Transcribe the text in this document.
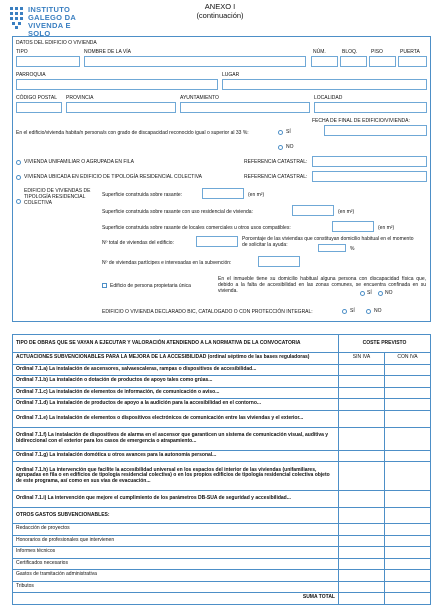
INSTITUTO
GALEGO DA
VIVENDA E SOLO
ANEXO I
(continuación)
DATOS DEL EDIFICIO O VIVIENDA
TIPO	NOMBRE DE LA VÍA	NÚM.	BLOQ.	PISO	PUERTA
PARROQUIA	LUGAR
CÓDIGO POSTAL PROVINCIA	AYUNTAMIENTO	LOCALIDAD
FECHA DE FINAL DE EDIFICIO/VIVIENDA:
En el edificio/vivienda habita/n persona/s con grado de discapacidad reconocido igual o superior al 33 %:	SÍ
NO
VIVIENDA UNIFAMILIAR O AGRUPADA EN FILA	REFERENCIA CATASTRAL:
VIVIENDA UBICADA EN EDIFICIO DE TIPOLOGÍA RESIDENCIAL COLECTIVA	REFERENCIA CATASTRAL:
EDIFICIO DE VIVIENDAS DE TIPOLOGÍA RESIDENCIAL COLECTIVA
Superficie construida sobre rasante:	(en m²)
Superficie construida sobre rasante con uso residencial de vivienda:	(en m²)
Superficie construida sobre rasante de locales comerciales u otros usos compatibles:	(en m²)
Nº total de viviendas del edificio:
Porcentaje de las viviendas que constituyan domicilio habitual en el momento de solicitar la ayuda:
%
Nº de viviendas partícipes e interesadas en la subvención:
Edificio de persona propietaria única
En el inmueble tiene su domicilio habitual alguna persona con discapacidad física que, debido a la falta de accesibilidad en las zonas comunes, se encuentra confinada en su vivienda.	SÍ	NO
EDIFICIO O VIVIENDA DECLARADO BIC, CATALOGADO O CON PROTECCIÓN INTEGRAL:	SÍ	NO
TIPO DE OBRAS QUE SE VAYAN A EJECUTAR Y VALORACIÓN ATENDIENDO A LA NORMATIVA DE LA CONVOCATORIA	COSTE PREVISTO	
ACTUACIONES SUBVENCIONABLES PARA LA MEJORA DE LA ACCESIBILIDAD (ordinal séptimo de las bases reguladoras)	SIN IVA	CON IVA
Ordinal 7.1.a) La instalación de ascensores, salvaescaleras, rampas o dispositivos de accesibilidad...		
Ordinal 7.1.b) La instalación o dotación de productos de apoyo tales como grúas...		
Ordinal 7.1.c) La instalación de elementos de información, de comunicación o aviso...		
Ordinal 7.1.d) La instalación de productos de apoyo a la audición para la accesibilidad en el contorno...		
Ordinal 7.1.e) La instalación de elementos o dispositivos electrónicos de comunicación entre las viviendas y el exterior...		
Ordinal 7.1.f) La instalación de dispositivos de alarma en el ascensor que garanticen un sistema de comunicación visual, auditiva y bidireccional con el exterior para los casos de emergencia o atrapamiento...		
Ordinal 7.1.g) La instalación domótica u otros avances para la autonomía personal...		
Ordinal 7.1.h) La intervención que facilite la accesibilidad universal en los espacios del interior de las viviendas (unifamiliares, agrupadas en fila o en edificios de tipología residencial colectiva) o en los propios edificios de tipología residencial colectiva objeto de este programa, así como en sus vías de evacuación...		
Ordinal 7.1.i) La intervención que mejore el cumplimiento de los parámetros DB-SUA de seguridad y accesibilidad...		
OTROS GASTOS SUBVENCIONABLES:		
Redacción de proyectos		
Honorarios de profesionales que intervienen		
Informes técnicos		
Certificados necesarios		
Gastos de tramitación administrativa		
Tributos		
SUMA TOTAL		
